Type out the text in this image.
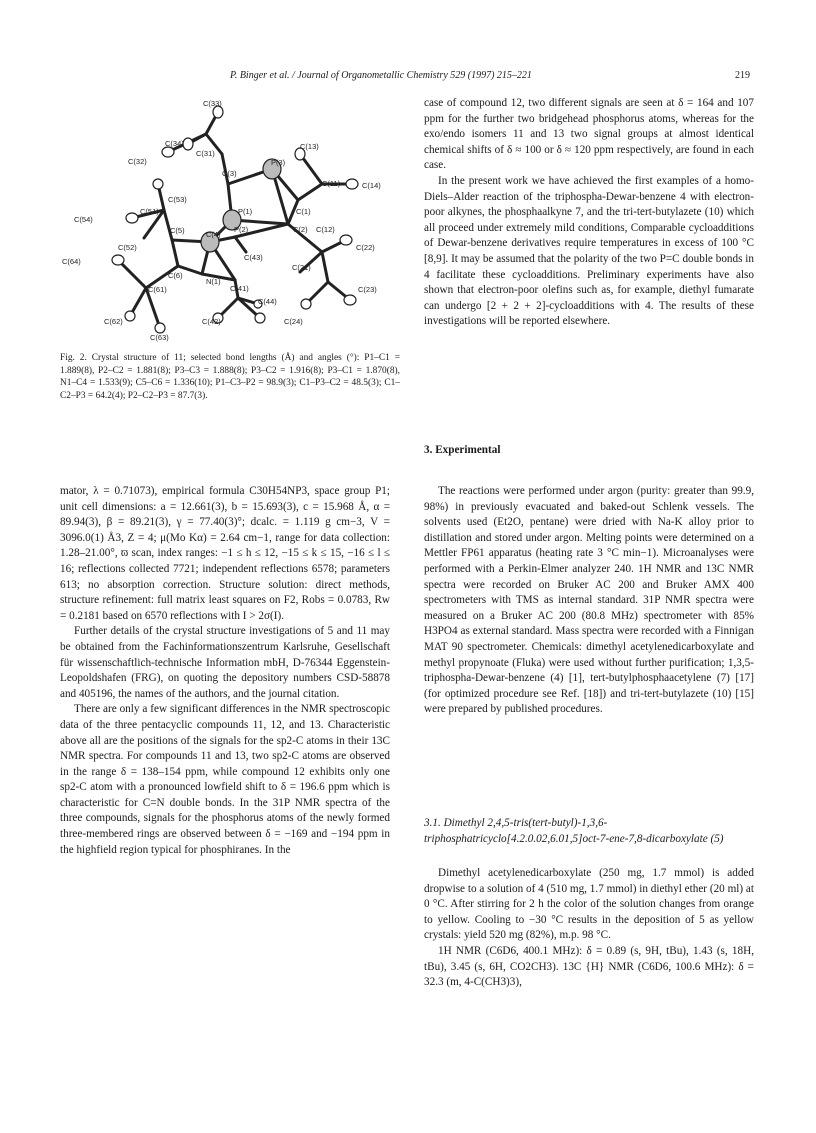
P. Binger et al. / Journal of Organometallic Chemistry 529 (1997) 215–221	219
C(33)
C(34)
C(31)
C(13)
C(32)	P(3)
C(3)
C(11)	C(14)
C(53)
C(54)
C(51)	P(1)	C(1)
C(5)	C(4)
P(2)	C(2) C(12)
C(22)
C(52)
C(43)
C(21)
C(64)
C(6)
N(1)
C(41)	C(23)
C(61)
C(44)
C(62)	C(42)	C(24)
C(63)
Fig. 2. Crystal structure of 11; selected bond lengths (Å) and angles (°): P1–C1 = 1.889(8), P2–C2 = 1.881(8); P3–C3 = 1.888(8); P3–C2 = 1.916(8); P3–C1 = 1.870(8), N1–C4 = 1.533(9); C5–C6 = 1.336(10); P1–C3–P2 = 98.9(3); C1–P3–C2 = 48.5(3); C1–C2–P3 = 64.2(4); P2–C2–P3 = 87.7(3).

case of compound 12, two different signals are seen at δ = 164 and 107 ppm for the further two bridgehead phosphorus atoms, whereas for the exo/endo isomers 11 and 13 two signal groups at almost identical chemical shifts of δ ≈ 100 or δ ≈ 120 ppm respectively, are found in each case.

In the present work we have achieved the first examples of a homo-Diels–Alder reaction of the triphospha-Dewar-benzene 4 with electron-poor alkynes, the phosphaalkyne 7, and the tri-tert-butylazete (10) which all proceed under extremely mild conditions, Comparable cycloadditions of Dewar-benzene derivatives require temperatures in excess of 100 °C [8,9]. It may be assumed that the polarity of the two P=C double bonds in 4 facilitate these cycloadditions. Preliminary experiments have also shown that electron-poor olefins such as, for example, diethyl fumarate can undergo [2 + 2 + 2]-cycloadditions with 4. The results of these investigations will be reported elsewhere.

mator, λ = 0.71073), empirical formula C30H54NP3, space group P1; unit cell dimensions: a = 12.661(3), b = 15.693(3), c = 15.968 Å, α = 89.94(3), β = 89.21(3), γ = 77.40(3)°; dcalc. = 1.119 g cm−3, V = 3096.0(1) Å3, Z = 4; μ(Mo Kα) = 2.64 cm−1, range for data collection: 1.28–21.00°, ϖ scan, index ranges: −1 ≤ h ≤ 12, −15 ≤ k ≤ 15, −16 ≤ l ≤ 16; reflections collected 7721; independent reflections 6578; parameters 613; no absorption correction. Structure solution: direct methods, structure refinement: full matrix least squares on F2, Robs = 0.0783, Rw = 0.2181 based on 6570 reflections with I > 2σ(I).

Further details of the crystal structure investigations of 5 and 11 may be obtained from the Fachinformationszentrum Karlsruhe, Gesellschaft für wissenschaftlich-technische Information mbH, D-76344 Eggenstein-Leopoldshafen (FRG), on quoting the depository numbers CSD-58878 and 405196, the names of the authors, and the journal citation.

There are only a few significant differences in the NMR spectroscopic data of the three pentacyclic compounds 11, 12, and 13. Characteristic above all are the positions of the signals for the sp2-C atoms in their 13C NMR spectra. For compounds 11 and 13, two sp2-C atoms are observed in the range δ = 138–154 ppm, while compound 12 exhibits only one sp2-C atom with a pronounced lowfield shift to δ = 196.6 ppm which is characteristic for C=N double bonds. In the 31P NMR spectra of the three compounds, signals for the phosphorus atoms of the newly formed three-membered rings are observed between δ = −169 and −194 ppm in the highfield region typical for phosphiranes. In the

3. Experimental

The reactions were performed under argon (purity: greater than 99.9, 98%) in previously evacuated and baked-out Schlenk vessels. The solvents used (Et2O, pentane) were dried with Na-K alloy prior to distillation and stored under argon. Melting points were determined on a Mettler FP61 apparatus (heating rate 3 °C min−1). Microanalyses were performed with a Perkin-Elmer analyzer 240. 1H NMR and 13C NMR spectra were recorded on Bruker AC 200 and Bruker AMX 400 spectrometers with TMS as internal standard. 31P NMR spectra were measured on a Bruker AC 200 (80.8 MHz) spectrometer with 85% H3PO4 as external standard. Mass spectra were recorded with a Finnigan MAT 90 spectrometer. Chemicals: dimethyl acetylenedicarboxylate and methyl propynoate (Fluka) were used without further purification; 1,3,5-triphospha-Dewar-benzene (4) [1], tert-butylphosphaacetylene (7) [17] (for optimized procedure see Ref. [18]) and tri-tert-butylazete (10) [15] were prepared by published procedures.

3.1. Dimethyl 2,4,5-tris(tert-butyl)-1,3,6-triphosphatricyclo[4.2.0.02,6.01,5]oct-7-ene-7,8-dicarboxylate (5)

Dimethyl acetylenedicarboxylate (250 mg, 1.7 mmol) is added dropwise to a solution of 4 (510 mg, 1.7 mmol) in diethyl ether (20 ml) at 0 °C. After stirring for 2 h the color of the solution changes from orange to yellow. Cooling to −30 °C results in the deposition of 5 as yellow crystals: yield 520 mg (82%), m.p. 98 °C.

1H NMR (C6D6, 400.1 MHz): δ = 0.89 (s, 9H, tBu), 1.43 (s, 18H, tBu), 3.45 (s, 6H, CO2CH3). 13C {H} NMR (C6D6, 100.6 MHz): δ = 32.3 (m, 4-C(CH3)3),
